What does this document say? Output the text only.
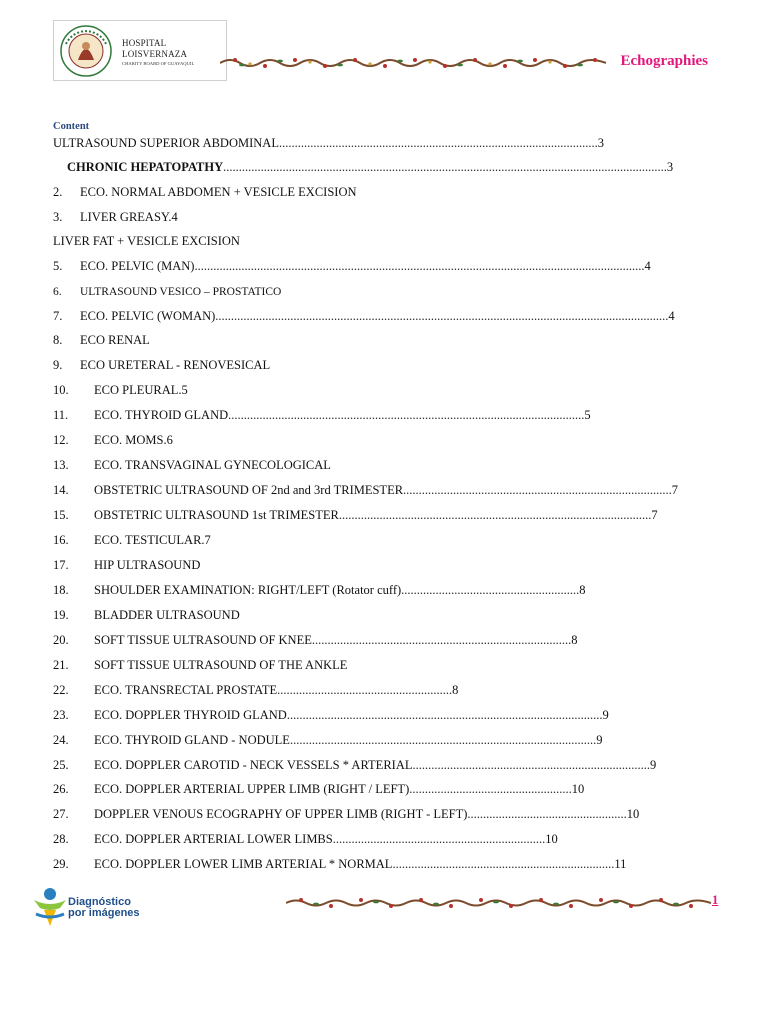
HOSPITAL
LOISVERNAZA
CHARITY BOARD OF GUAYAQUIL	Echographies
Content
ULTRASOUND SUPERIOR ABDOMINAL ...................................................................................................... 3
CHRONIC HEPATOPATHY .............................................................................................................................................. 3
2.	ECO. NORMAL ABDOMEN + VESICLE EXCISION
3.	LIVER GREASY. 4
LIVER FAT + VESICLE EXCISION
5.	ECO. PELVIC (MAN) ................................................................................................................................................ 4
6.	ULTRASOUND VESICO – PROSTATICO
7.	ECO. PELVIC (WOMAN) ................................................................................................................................................. 4
8.	ECO RENAL
9.	ECO URETERAL - RENOVESICAL
10.	ECO PLEURAL. 5
11.	ECO. THYROID GLAND .................................................................................................................. 5
12.	ECO. MOMS. 6
13.	ECO. TRANSVAGINAL GYNECOLOGICAL
14.	OBSTETRIC ULTRASOUND OF 2nd and 3rd TRIMESTER ...................................................................................... 7
15.	OBSTETRIC ULTRASOUND 1st TRIMESTER .................................................................................................... 7
16.	ECO. TESTICULAR. 7
17.	HIP ULTRASOUND
18.	SHOULDER EXAMINATION: RIGHT/LEFT (Rotator cuff) ......................................................... 8
19.	BLADDER ULTRASOUND
20.	SOFT TISSUE ULTRASOUND OF KNEE ................................................................................... 8
21.	SOFT TISSUE ULTRASOUND OF THE ANKLE
22.	ECO. TRANSRECTAL PROSTATE ........................................................ 8
23.	ECO. DOPPLER THYROID GLAND ..................................................................................................... 9
24.	ECO. THYROID GLAND - NODULE .................................................................................................. 9
25.	ECO. DOPPLER CAROTID - NECK VESSELS * ARTERIAL ............................................................................ 9
26.	ECO. DOPPLER ARTERIAL UPPER LIMB (RIGHT / LEFT) .................................................... 10
27.	DOPPLER VENOUS ECOGRAPHY OF UPPER LIMB (RIGHT - LEFT) ................................................... 10
28.	ECO. DOPPLER ARTERIAL LOWER LIMBS .................................................................... 10
29.	ECO. DOPPLER LOWER LIMB ARTERIAL * NORMAL ....................................................................... 11
Diagnóstico
por imágenes
1
